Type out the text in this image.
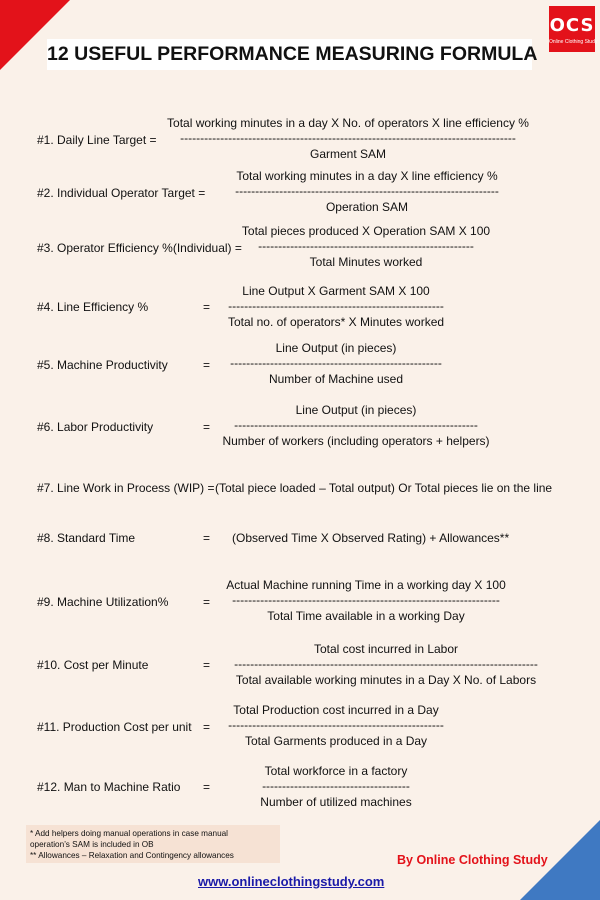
OCS
Online Clothing Study
12 USEFUL PERFORMANCE MEASURING FORMULA
#1. Daily Line Target =
Total working minutes in a day X No. of operators X line efficiency %
------------------------------------------------------------------------------------
Garment SAM
#2. Individual Operator Target =
Total working minutes in a day X line efficiency %
------------------------------------------------------------------
Operation SAM
#3. Operator Efficiency %(Individual) =
Total pieces produced X Operation SAM X 100
------------------------------------------------------
Total Minutes worked
#4. Line Efficiency %	=
Line Output X Garment SAM X 100
------------------------------------------------------
Total no. of operators* X Minutes worked
#5. Machine Productivity	=
Line Output (in pieces)
-----------------------------------------------------
Number of Machine used
#6. Labor Productivity	=
Line Output (in pieces)
-------------------------------------------------------------
Number of workers (including operators + helpers)
#7. Line Work in Process (WIP) = (Total piece loaded – Total output) Or Total pieces lie on the line
#8. Standard Time	= (Observed Time X Observed Rating) + Allowances**
#9. Machine Utilization%	=
Actual Machine running Time in a working day X 100
-------------------------------------------------------------------
Total Time available in a working Day
#10. Cost per Minute	=
Total cost incurred in Labor
----------------------------------------------------------------------------
Total available working minutes in a Day X No. of Labors
#11. Production Cost per unit =
Total Production cost incurred in a Day
------------------------------------------------------
Total Garments produced in a Day
#12. Man to Machine Ratio =
Total workforce in a factory
-------------------------------------
Number of utilized machines
* Add helpers doing manual operations in case manual
operation’s SAM is included in OB
** Allowances – Relaxation and Contingency allowances	By Online Clothing Study
www.onlineclothingstudy.com
